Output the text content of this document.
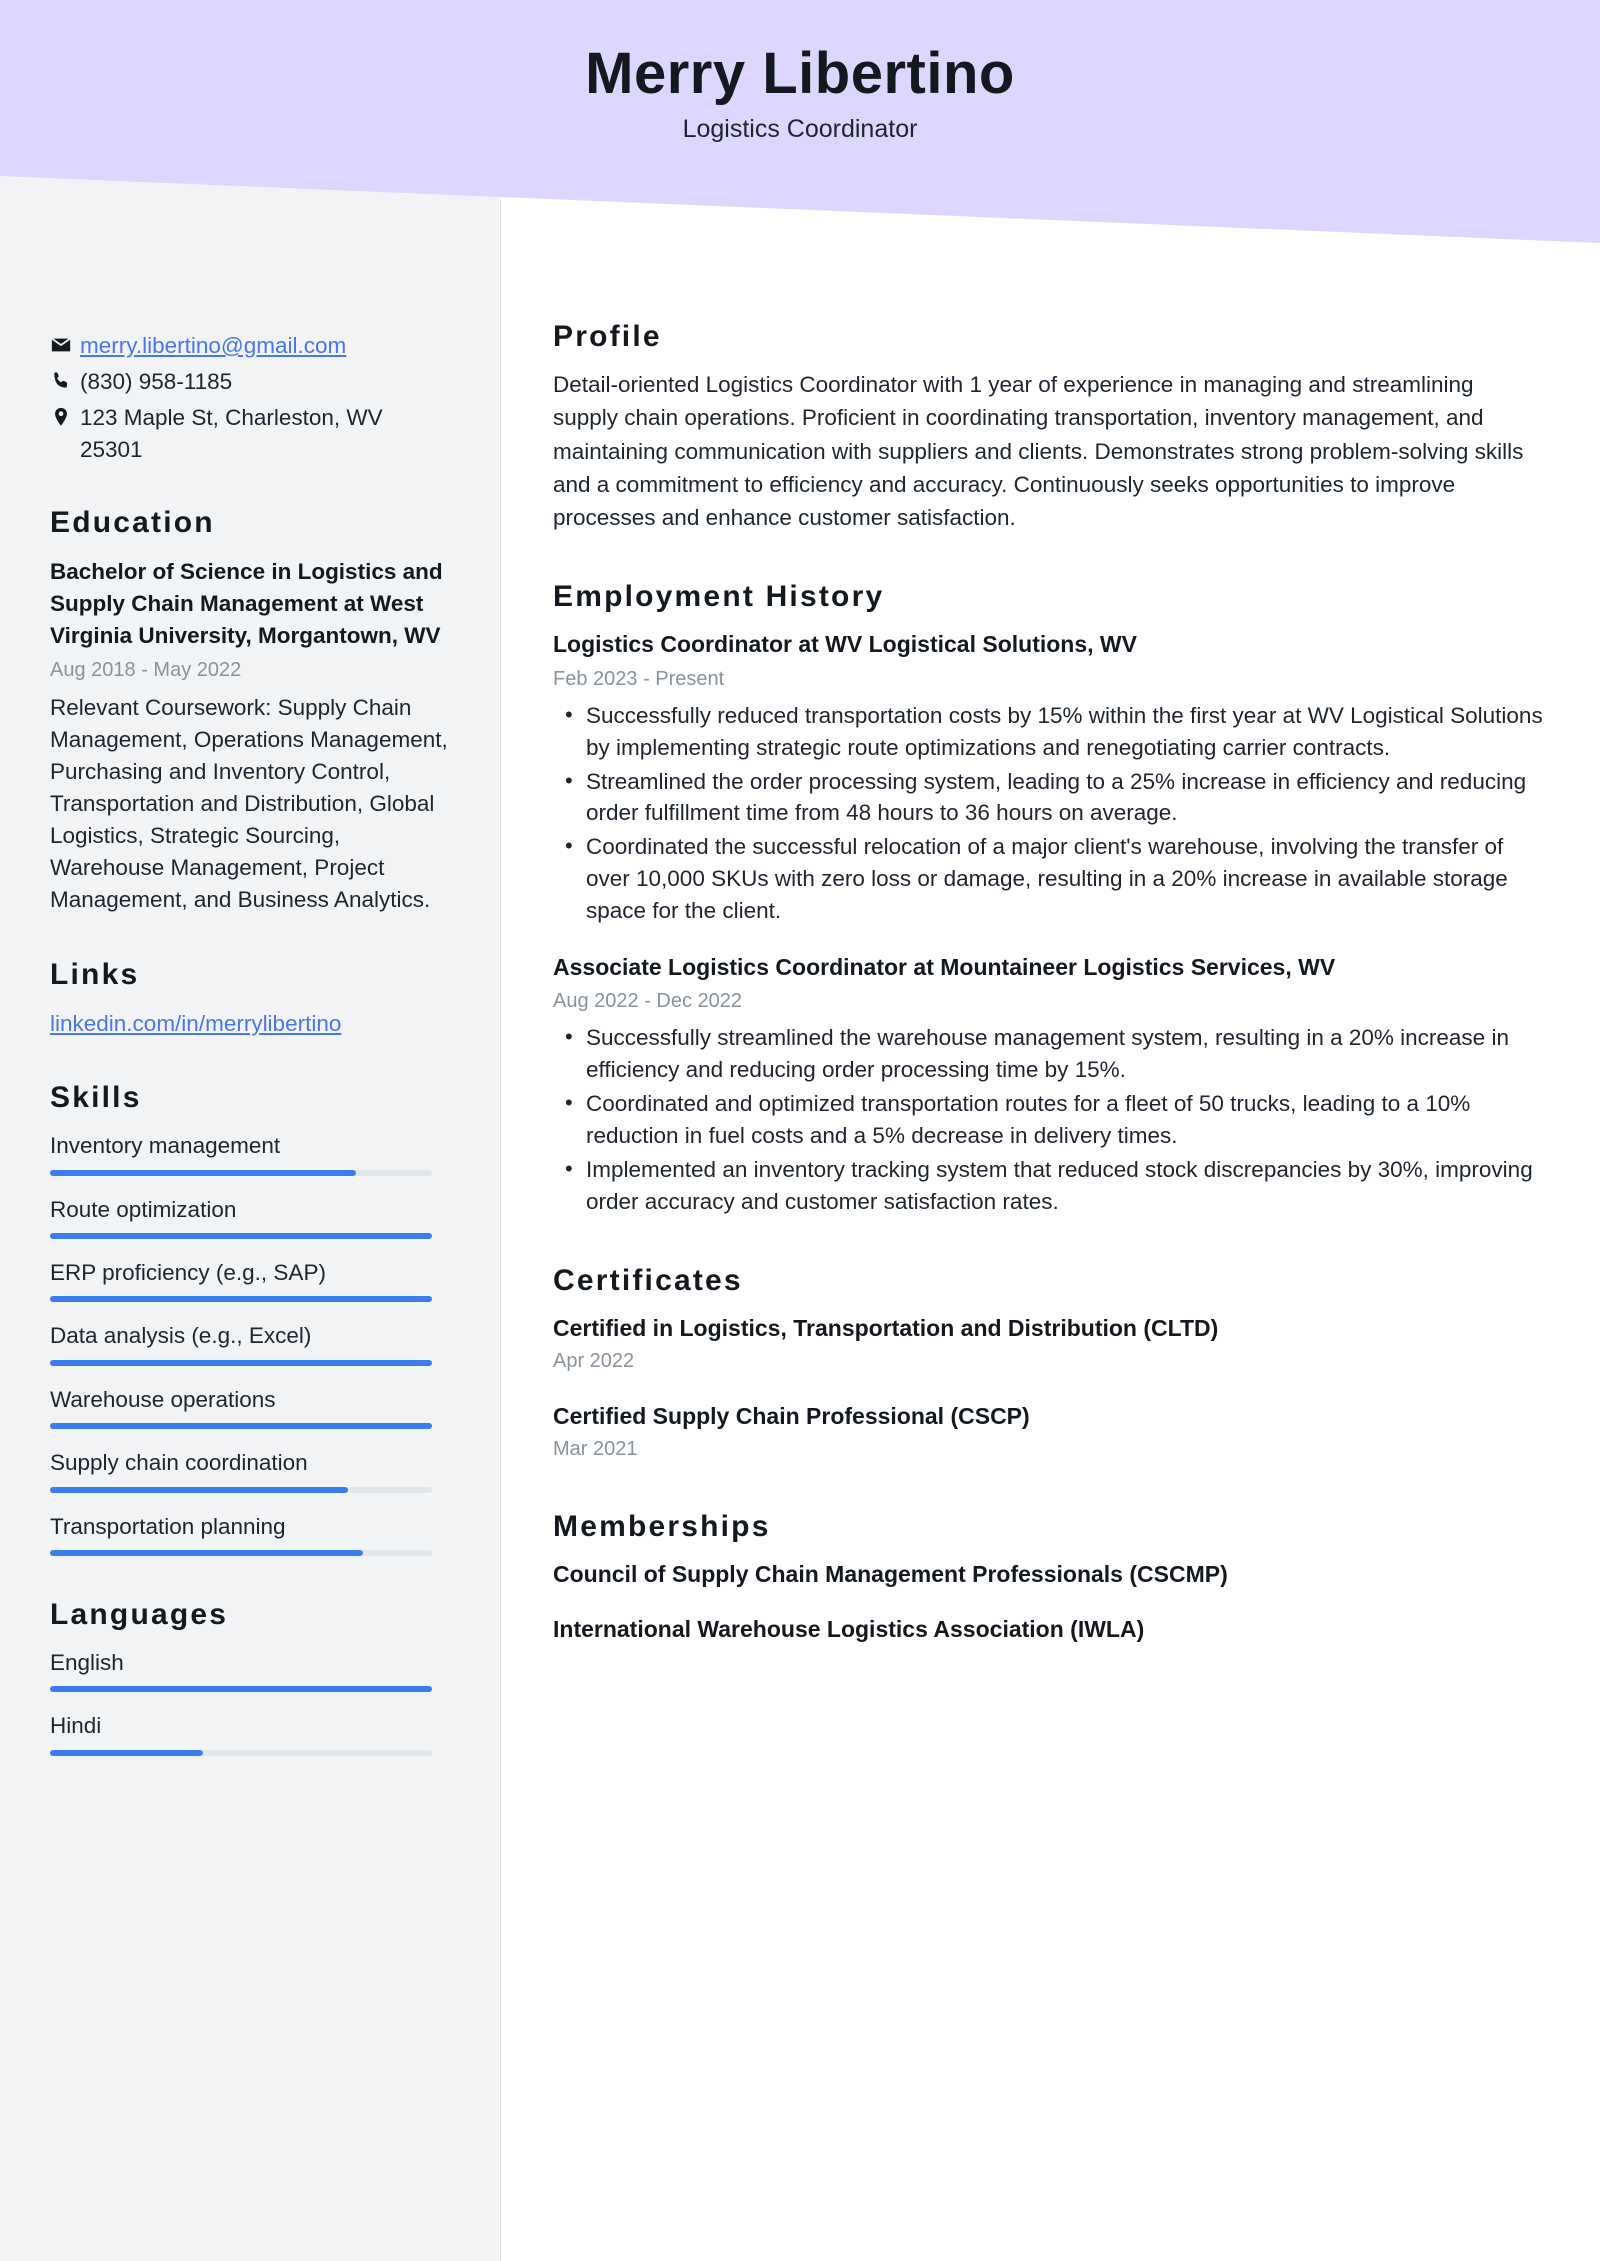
Merry Libertino
Logistics Coordinator
merry.libertino@gmail.com
(830) 958-1185
123 Maple St, Charleston, WV 25301
Education
Bachelor of Science in Logistics and Supply Chain Management at West Virginia University, Morgantown, WV
Aug 2018 - May 2022
Relevant Coursework: Supply Chain Management, Operations Management, Purchasing and Inventory Control, Transportation and Distribution, Global Logistics, Strategic Sourcing, Warehouse Management, Project Management, and Business Analytics.
Links
linkedin.com/in/merrylibertino
Skills
Inventory management
Route optimization
ERP proficiency (e.g., SAP)
Data analysis (e.g., Excel)
Warehouse operations
Supply chain coordination
Transportation planning
Languages
English
Hindi
Profile
Detail-oriented Logistics Coordinator with 1 year of experience in managing and streamlining supply chain operations. Proficient in coordinating transportation, inventory management, and maintaining communication with suppliers and clients. Demonstrates strong problem-solving skills and a commitment to efficiency and accuracy. Continuously seeks opportunities to improve processes and enhance customer satisfaction.
Employment History
Logistics Coordinator at WV Logistical Solutions, WV
Feb 2023 - Present
• Successfully reduced transportation costs by 15% within the first year at WV Logistical Solutions by implementing strategic route optimizations and renegotiating carrier contracts.
• Streamlined the order processing system, leading to a 25% increase in efficiency and reducing order fulfillment time from 48 hours to 36 hours on average.
• Coordinated the successful relocation of a major client's warehouse, involving the transfer of over 10,000 SKUs with zero loss or damage, resulting in a 20% increase in available storage space for the client.
Associate Logistics Coordinator at Mountaineer Logistics Services, WV
Aug 2022 - Dec 2022
• Successfully streamlined the warehouse management system, resulting in a 20% increase in efficiency and reducing order processing time by 15%.
• Coordinated and optimized transportation routes for a fleet of 50 trucks, leading to a 10% reduction in fuel costs and a 5% decrease in delivery times.
• Implemented an inventory tracking system that reduced stock discrepancies by 30%, improving order accuracy and customer satisfaction rates.
Certificates
Certified in Logistics, Transportation and Distribution (CLTD)
Apr 2022
Certified Supply Chain Professional (CSCP)
Mar 2021
Memberships
Council of Supply Chain Management Professionals (CSCMP)
International Warehouse Logistics Association (IWLA)
